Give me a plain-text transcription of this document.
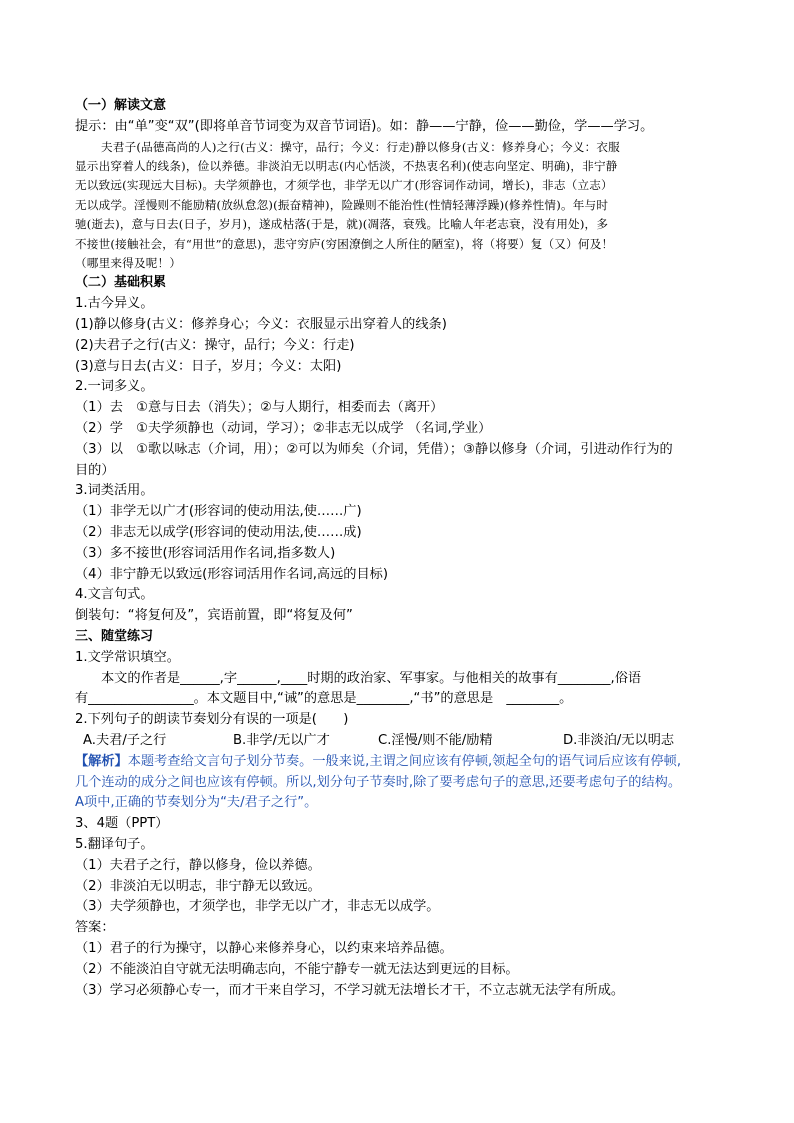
（一）解读文意
提示：由“单”变“双”(即将单音节词变为双音节词语)。如：静——宁静，俭——勤俭，学——学习。
夫君子(品德高尚的人)之行(古义：操守，品行；今义：行走)静以修身(古义：修养身心；今义：衣服
显示出穿着人的线条)，俭以养德。非淡泊无以明志(内心恬淡，不热衷名利)(使志向坚定、明确)，非宁静
无以致远(实现远大目标)。夫学须静也，才须学也，非学无以广才(形容词作动词，增长)，非志（立志）
无以成学。淫慢则不能励精(放纵怠忽)(振奋精神)，险躁则不能治性(性情轻薄浮躁)(修养性情)。年与时
驰(逝去)，意与日去(日子，岁月)，遂成枯落(于是，就)(凋落，衰残。比喻人年老志衰，没有用处)，多
不接世(接触社会，有“用世”的意思)，悲守穷庐(穷困潦倒之人所住的陋室)，将（将要）复（又）何及！
（哪里来得及呢！）
（二）基础积累
1.古今异义。
(1)静以修身(古义：修养身心；今义：衣服显示出穿着人的线条)
(2)夫君子之行(古义：操守，品行；今义：行走)
(3)意与日去(古义：日子，岁月；今义：太阳)
2.一词多义。
（1）去　①意与日去（消失）；②与人期行，相委而去（离开）
（2）学　①夫学须静也（动词，学习）；②非志无以成学 （名词,学业）
（3）以　①歌以咏志（介词，用）；②可以为师矣（介词，凭借）；③静以修身（介词，引进动作行为的
目的）
3.词类活用。
（1）非学无以广才(形容词的使动用法,使……广)
（2）非志无以成学(形容词的使动用法,使……成)
（3）多不接世(形容词活用作名词,指多数人)
（4）非宁静无以致远(形容词活用作名词,高远的目标)
4.文言句式。
倒装句：“将复何及”，宾语前置，即“将复及何”
三、随堂练习
1.文学常识填空。
本文的作者是______,字______,____时期的政治家、军事家。与他相关的故事有________,俗语
有________________。本文题目中,“诫”的意思是________,“书”的意思是　________。
2.下列句子的朗读节奏划分有误的一项是(　　)
A.夫君/子之行	B.非学/无以广才	C.淫慢/则不能/励精	D.非淡泊/无以明志
【解析】本题考查给文言句子划分节奏。一般来说,主谓之间应该有停顿,领起全句的语气词后应该有停顿,
几个连动的成分之间也应该有停顿。所以,划分句子节奏时,除了要考虑句子的意思,还要考虑句子的结构。
A项中,正确的节奏划分为“夫/君子之行”。
3、4题（PPT）
5.翻译句子。
（1）夫君子之行，静以修身，俭以养德。
（2）非淡泊无以明志，非宁静无以致远。
（3）夫学须静也，才须学也，非学无以广才，非志无以成学。
答案：
（1）君子的行为操守，以静心来修养身心，以约束来培养品德。
（2）不能淡泊自守就无法明确志向，不能宁静专一就无法达到更远的目标。
（3）学习必须静心专一，而才干来自学习，不学习就无法增长才干，不立志就无法学有所成。
